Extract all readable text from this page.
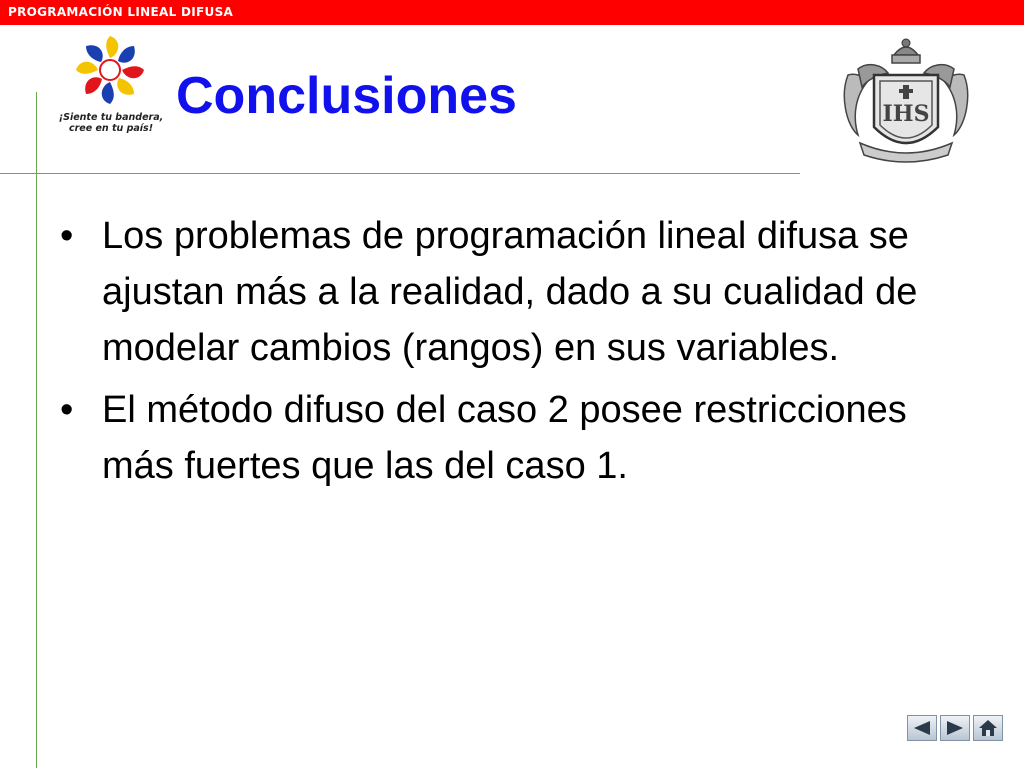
PROGRAMACIÓN LINEAL DIFUSA
¡Siente tu bandera,
cree en tu país!
Conclusiones	IHS
• Los problemas de programación lineal difusa se ajustan más a la realidad, dado a su cualidad de modelar cambios (rangos) en sus variables.
• El método difuso del caso 2 posee restricciones más fuertes que las del caso 1.
